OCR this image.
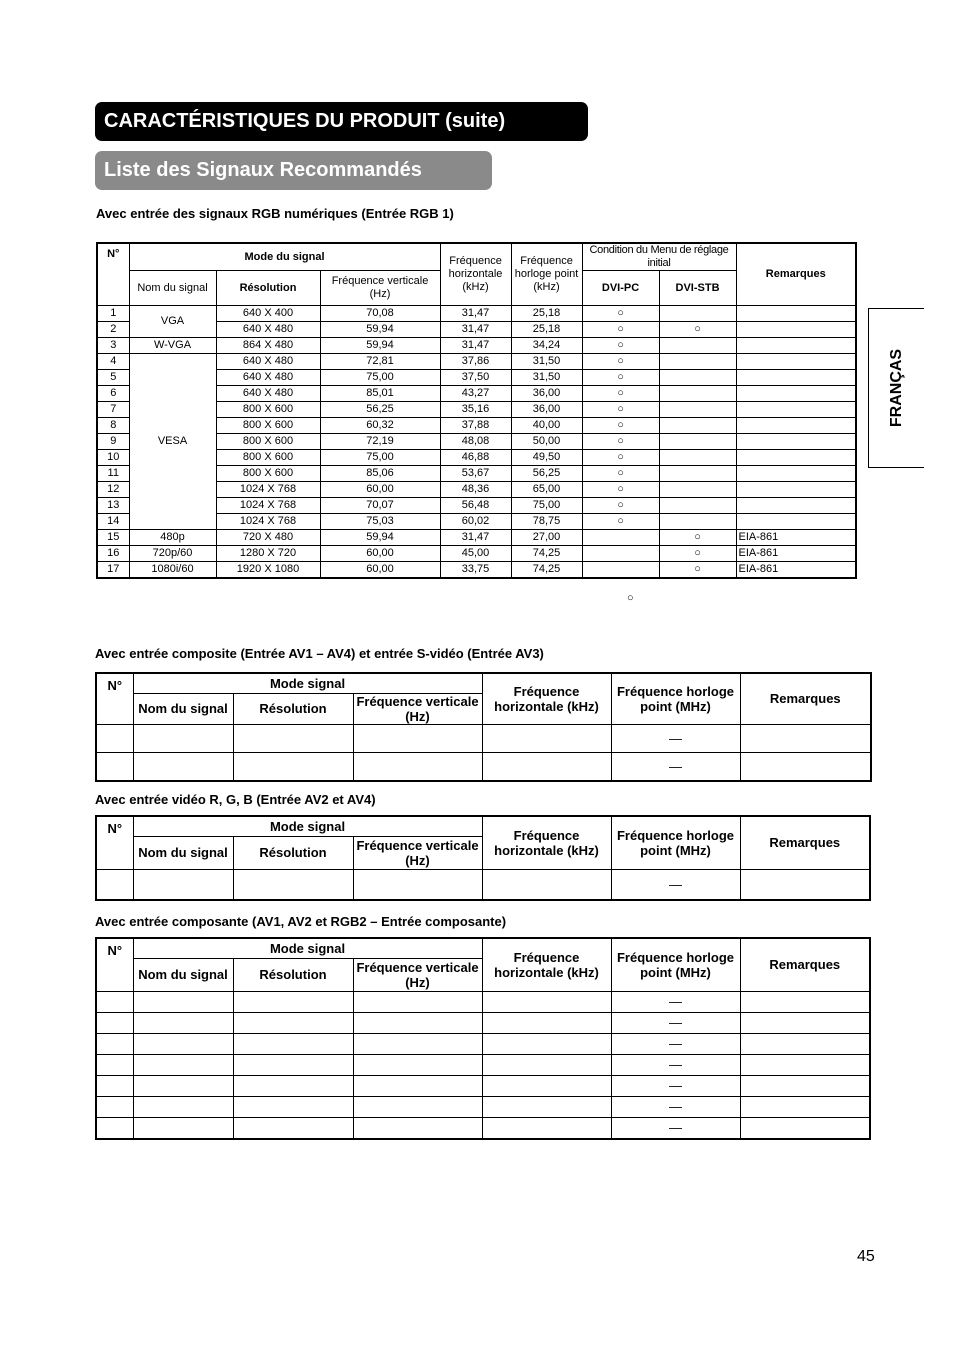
CARACTÉRISTIQUES DU PRODUIT (suite)
Liste des Signaux Recommandés
FRANÇAS
Avec entrée des signaux RGB numériques (Entrée RGB 1)
N°	Mode du signal			Fréquence horizontale (kHz)	Fréquence horloge point (kHz)	Condition du Menu de réglage initial		Remarques
	Nom du signal	Résolution	Fréquence verticale (Hz)			DVI-PC	DVI-STB	
1	VGA	640 X 400	70,08	31,47	25,18	○		
2		640 X 480	59,94	31,47	25,18	○	○	
3	W-VGA	864 X 480	59,94	31,47	34,24	○		
4	VESA	640 X 480	72,81	37,86	31,50	○		
5		640 X 480	75,00	37,50	31,50	○		
6		640 X 480	85,01	43,27	36,00	○		
7		800 X 600	56,25	35,16	36,00	○		
8		800 X 600	60,32	37,88	40,00	○		
9		800 X 600	72,19	48,08	50,00	○		
10		800 X 600	75,00	46,88	49,50	○		
11		800 X 600	85,06	53,67	56,25	○		
12		1024 X 768	60,00	48,36	65,00	○		
13		1024 X 768	70,07	56,48	75,00	○		
14		1024 X 768	75,03	60,02	78,75	○		
15	480p	720 X 480	59,94	31,47	27,00		○	EIA-861
16	720p/60	1280 X 720	60,00	45,00	74,25		○	EIA-861
17	1080i/60	1920 X 1080	60,00	33,75	74,25		○	EIA-861
○
Avec entrée composite (Entrée AV1 – AV4) et entrée S-vidéo (Entrée AV3)
N°	Mode signal			Fréquence horizontale (kHz)	Fréquence horloge point (MHz)	Remarques
	Nom du signal	Résolution	Fréquence verticale (Hz)			
					—	
					—	
Avec entrée vidéo R, G, B (Entrée AV2 et AV4)
N°	Mode signal			Fréquence horizontale (kHz)	Fréquence horloge point (MHz)	Remarques
	Nom du signal	Résolution	Fréquence verticale (Hz)			
					—	
Avec entrée composante (AV1, AV2 et RGB2 – Entrée composante)
N°	Mode signal			Fréquence horizontale (kHz)	Fréquence horloge point (MHz)	Remarques
	Nom du signal	Résolution	Fréquence verticale (Hz)			
					—	
					—	
					—	
					—	
					—	
					—	
					—	
45
